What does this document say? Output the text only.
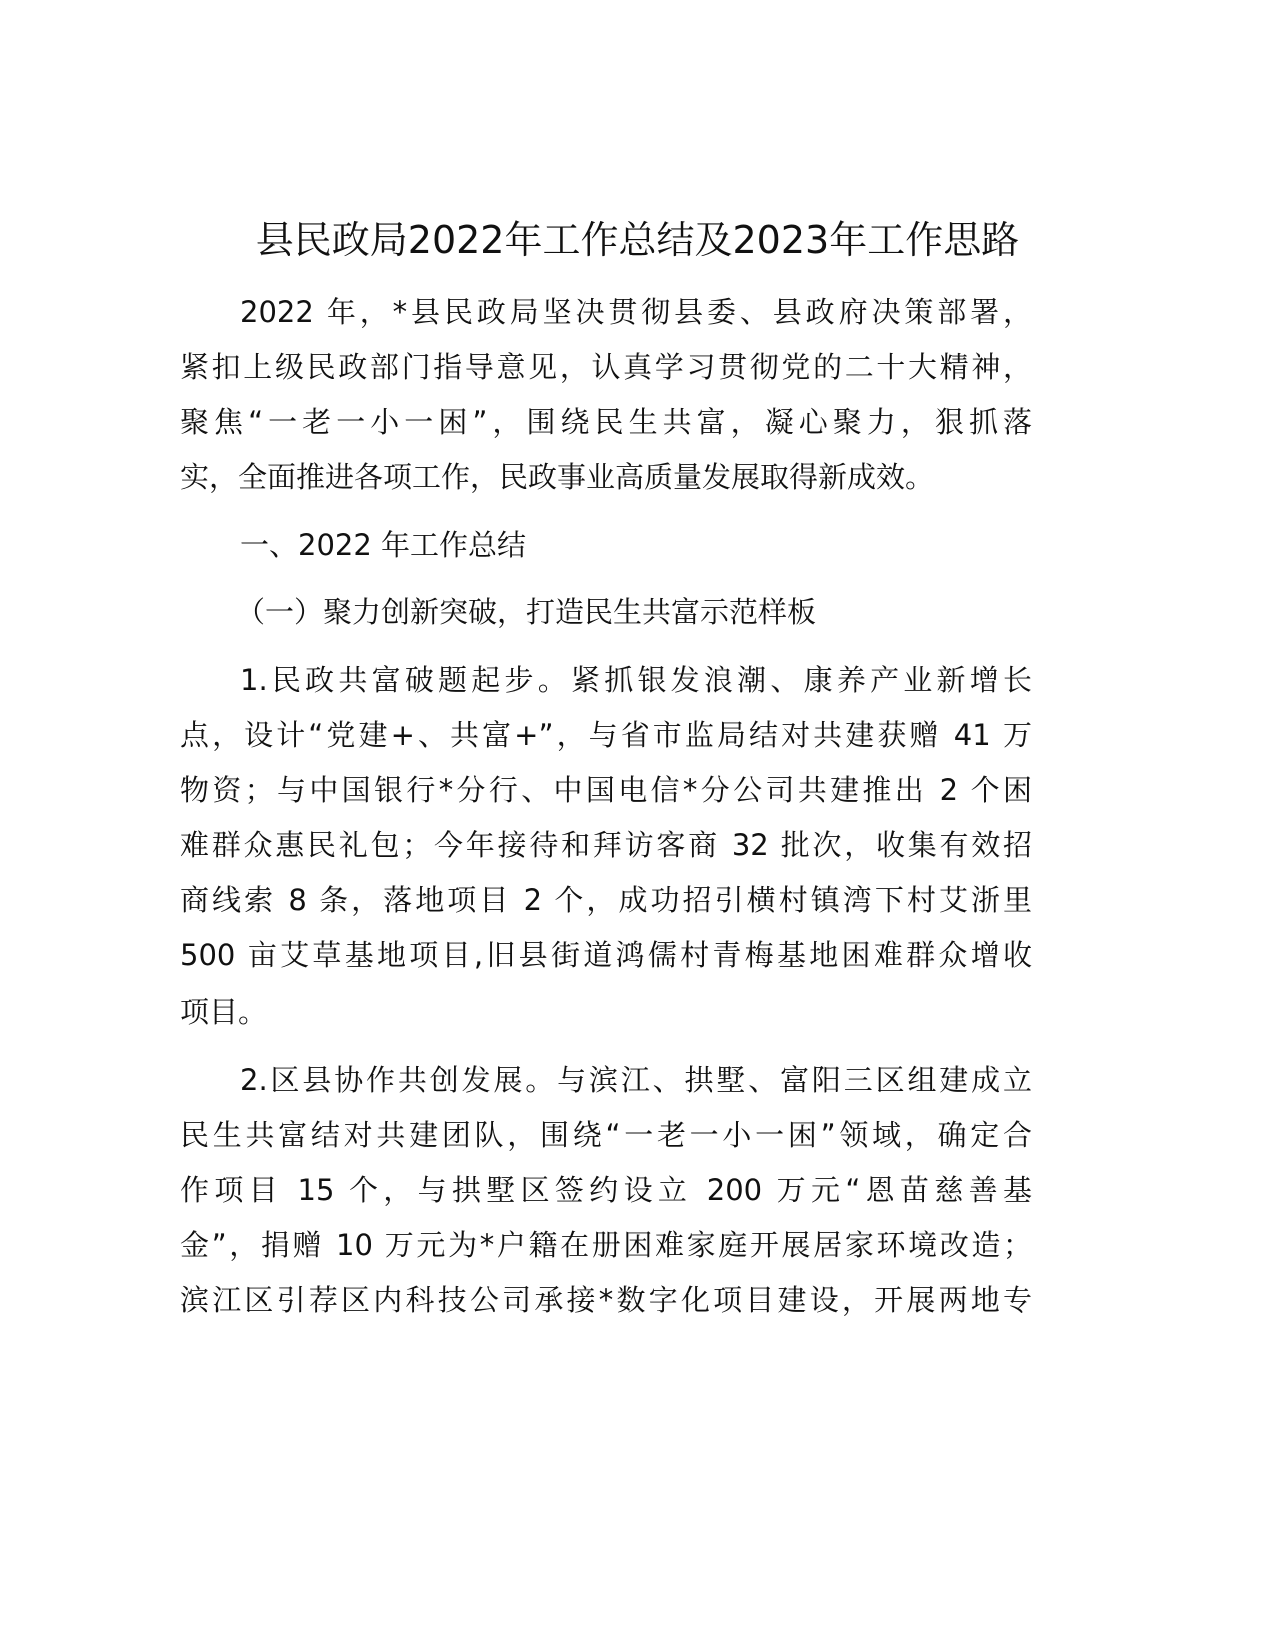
县民政局2022年工作总结及2023年工作思路
2022 年，*县民政局坚决贯彻县委、县政府决策部署，
紧扣上级民政部门指导意见，认真学习贯彻党的二十大精神，
聚焦“一老一小一困”，围绕民生共富，凝心聚力，狠抓落
实，全面推进各项工作，民政事业高质量发展取得新成效。
一、2022 年工作总结
（一）聚力创新突破，打造民生共富示范样板
1.民政共富破题起步。紧抓银发浪潮、康养产业新增长
点，设计“党建+、共富+”，与省市监局结对共建获赠 41 万
物资；与中国银行*分行、中国电信*分公司共建推出 2 个困
难群众惠民礼包；今年接待和拜访客商 32 批次，收集有效招
商线索 8 条，落地项目 2 个，成功招引横村镇湾下村艾浙里
500 亩艾草基地项目,旧县街道鸿儒村青梅基地困难群众增收
项目。
2.区县协作共创发展。与滨江、拱墅、富阳三区组建成立
民生共富结对共建团队，围绕“一老一小一困”领域，确定合
作项目 15 个，与拱墅区签约设立 200 万元“恩苗慈善基
金”，捐赠 10 万元为*户籍在册困难家庭开展居家环境改造；
滨江区引荐区内科技公司承接*数字化项目建设，开展两地专
